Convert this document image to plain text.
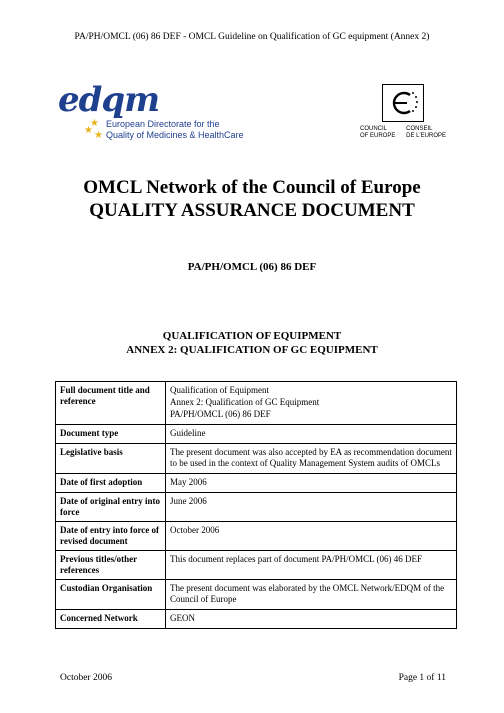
PA/PH/OMCL (06) 86 DEF - OMCL Guideline on Qualification of GC equipment (Annex 2)
edqm
★
★ ★
European Directorate for the
Quality of Medicines & HealthCare
COUNCIL
OF EUROPE
CONSEIL
DE L'EUROPE
OMCL Network of the Council of Europe
QUALITY ASSURANCE DOCUMENT
PA/PH/OMCL (06) 86 DEF
QUALIFICATION OF EQUIPMENT
ANNEX 2: QUALIFICATION OF GC EQUIPMENT
Full document title and reference	Qualification of Equipment
Annex 2: Qualification of GC Equipment
PA/PH/OMCL (06) 86 DEF

Document type	Guideline

Legislative basis	The present document was also accepted by EA as recommendation document to be used in the context of Quality Management System audits of OMCLs

Date of first adoption	May 2006

Date of original entry into force	June 2006

Date of entry into force of revised document	October 2006

Previous titles/other references	This document replaces part of document PA/PH/OMCL (06) 46 DEF

Custodian Organisation	The present document was elaborated by the OMCL Network/EDQM of the Council of Europe

Concerned Network	GEON
October 2006	Page 1 of 11
